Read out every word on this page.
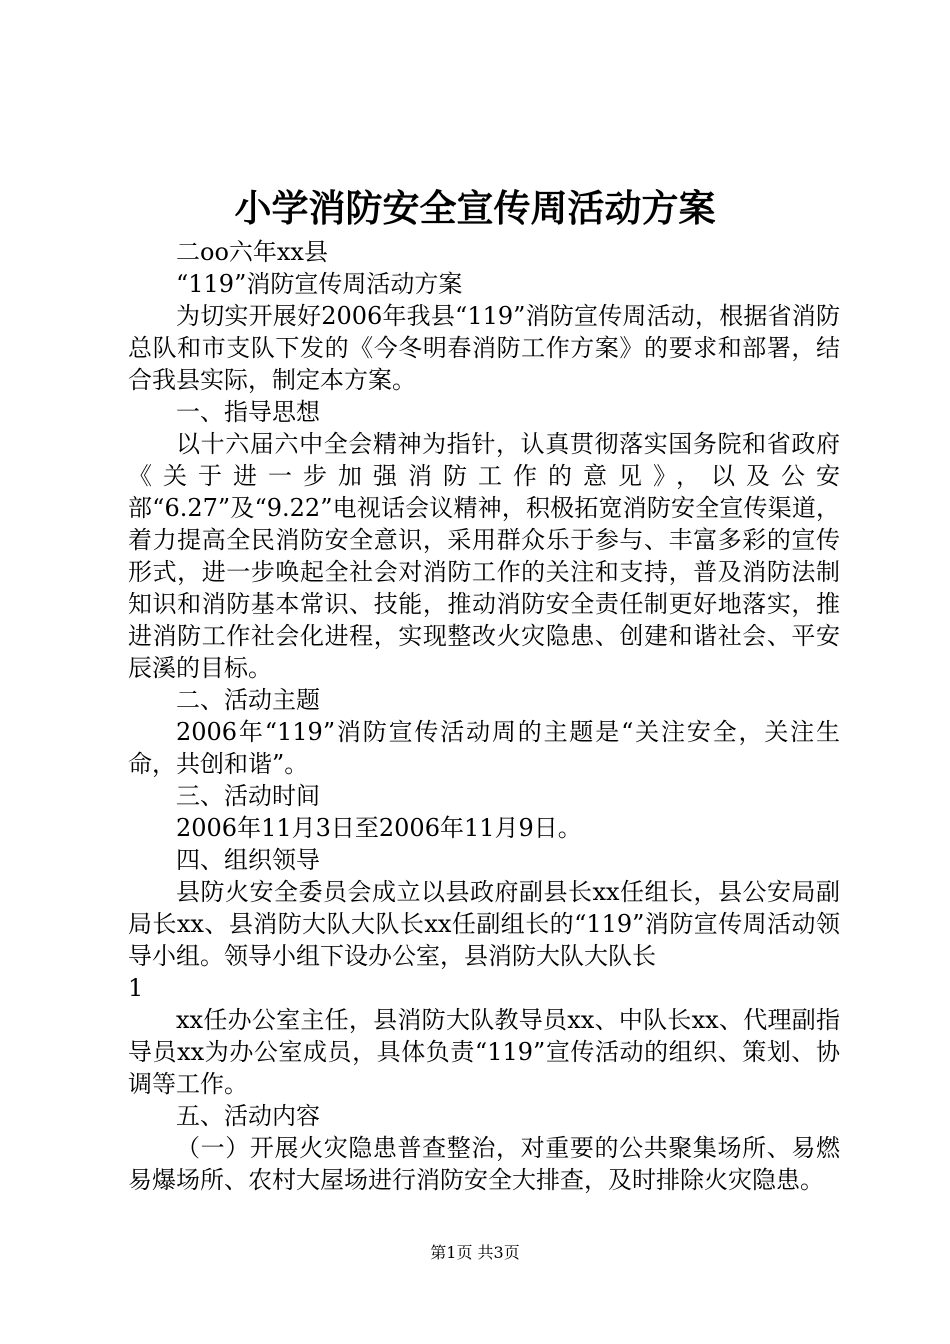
小学消防安全宣传周活动方案

二oo六年xx县

“119”消防宣传周活动方案

为切实开展好2006年我县“119”消防宣传周活动，根据省消防总队和市支队下发的《今冬明春消防工作方案》的要求和部署，结合我县实际，制定本方案。

一、指导思想

以十六届六中全会精神为指针，认真贯彻落实国务院和省政府《关于进一步加强消防工作的意见》，以及公安部“6.27”及“9.22”电视话会议精神，积极拓宽消防安全宣传渠道，着力提高全民消防安全意识，采用群众乐于参与、丰富多彩的宣传形式，进一步唤起全社会对消防工作的关注和支持，普及消防法制知识和消防基本常识、技能，推动消防安全责任制更好地落实，推进消防工作社会化进程，实现整改火灾隐患、创建和谐社会、平安辰溪的目标。

二、活动主题

2006年“119”消防宣传活动周的主题是“关注安全，关注生命，共创和谐”。

三、活动时间

2006年11月3日至2006年11月9日。

四、组织领导

县防火安全委员会成立以县政府副县长xx任组长，县公安局副局长xx、县消防大队大队长xx任副组长的“119”消防宣传周活动领导小组。领导小组下设办公室，县消防大队大队长

1

xx任办公室主任，县消防大队教导员xx、中队长xx、代理副指导员xx为办公室成员，具体负责“119”宣传活动的组织、策划、协调等工作。

五、活动内容

（一）开展火灾隐患普查整治，对重要的公共聚集场所、易燃易爆场所、农村大屋场进行消防安全大排查，及时排除火灾隐患。

第1页 共3页
